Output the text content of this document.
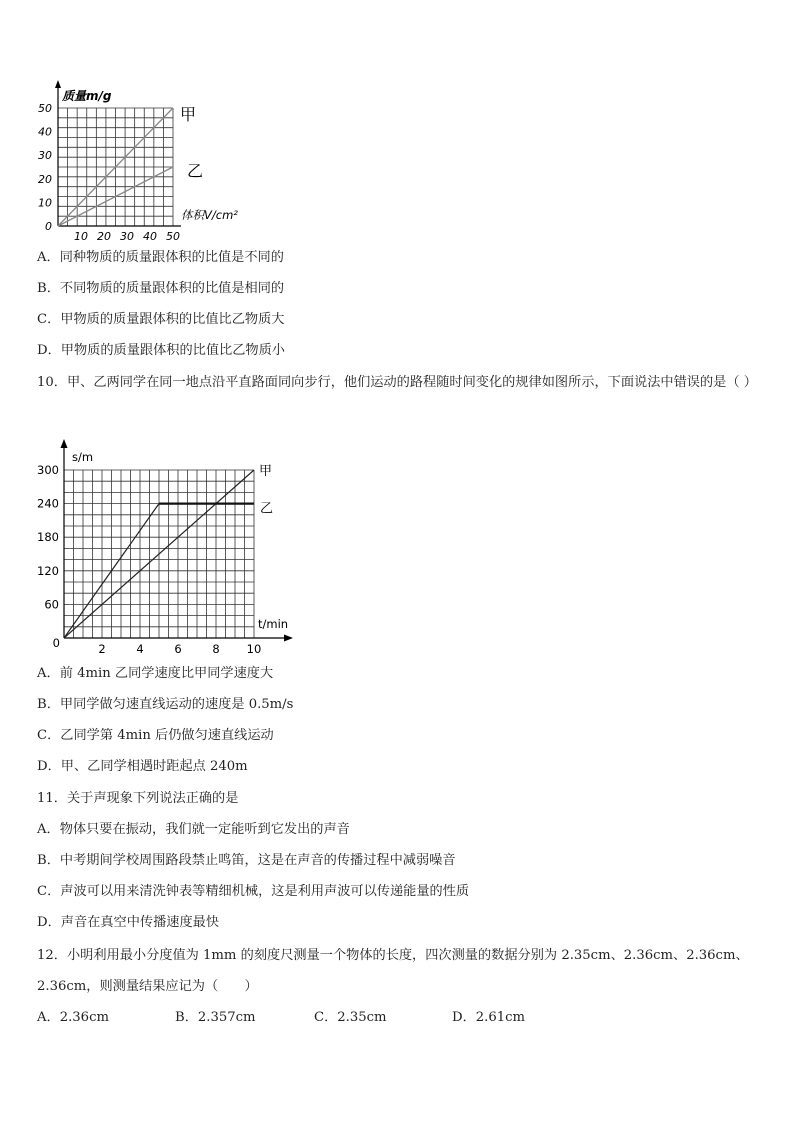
甲
乙
质量m/g
体积V/cm²
0
10
20
30
40
50
10 20 30 40 50
A．同种物质的质量跟体积的比值是不同的
B．不同物质的质量跟体积的比值是相同的
C．甲物质的质量跟体积的比值比乙物质大
D．甲物质的质量跟体积的比值比乙物质小
10．甲、乙两同学在同一地点沿平直路面同向步行，他们运动的路程随时间变化的规律如图所示，下面说法中错误的是（ ）
甲
乙
s/m
t/min
0
60
120
180
240
300
2	4	6	8 10
A．前 4min 乙同学速度比甲同学速度大
B．甲同学做匀速直线运动的速度是 0.5m/s
C．乙同学第 4min 后仍做匀速直线运动
D．甲、乙同学相遇时距起点 240m
11．关于声现象下列说法正确的是
A．物体只要在振动，我们就一定能听到它发出的声音
B．中考期间学校周围路段禁止鸣笛，这是在声音的传播过程中减弱噪音
C．声波可以用来清洗钟表等精细机械，这是利用声波可以传递能量的性质
D．声音在真空中传播速度最快
12．小明利用最小分度值为 1mm 的刻度尺测量一个物体的长度，四次测量的数据分别为 2.35cm、2.36cm、2.36cm、2.36cm，则测量结果应记为（　　）
A．2.36cm	B．2.357cm	C．2.35cm	D．2.61cm
